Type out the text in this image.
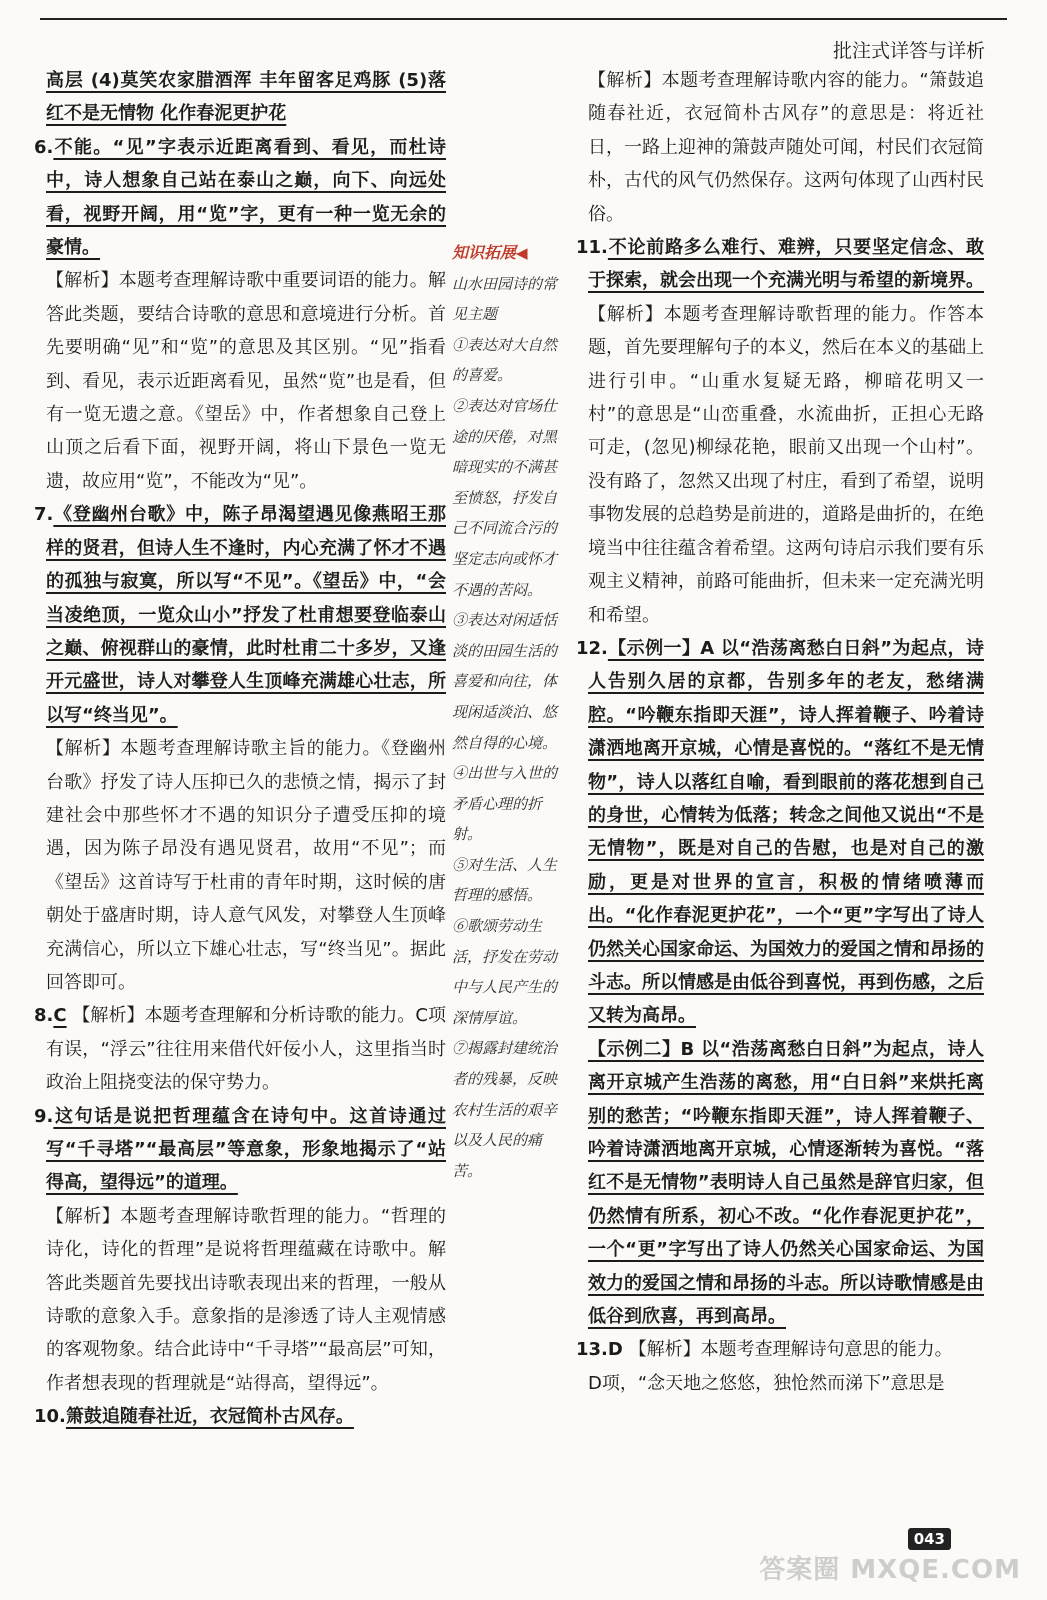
批注式详答与详析

高层 (4)莫笑农家腊酒浑 丰年留客足鸡豚 (5)落红不是无情物 化作春泥更护花

6.不能。“见”字表示近距离看到、看见，而杜诗中，诗人想象自己站在泰山之巅，向下、向远处看，视野开阔，用“览”字，更有一种一览无余的豪情。

【解析】本题考查理解诗歌中重要词语的能力。解答此类题，要结合诗歌的意思和意境进行分析。首先要明确“见”和“览”的意思及其区别。“见”指看到、看见，表示近距离看见，虽然“览”也是看，但有一览无遗之意。《望岳》中，作者想象自己登上山顶之后看下面，视野开阔，将山下景色一览无遗，故应用“览”，不能改为“见”。

7.《登幽州台歌》中，陈子昂渴望遇见像燕昭王那样的贤君，但诗人生不逢时，内心充满了怀才不遇的孤独与寂寞，所以写“不见”。《望岳》中，“会当凌绝顶，一览众山小”抒发了杜甫想要登临泰山之巅、俯视群山的豪情，此时杜甫二十多岁，又逢开元盛世，诗人对攀登人生顶峰充满雄心壮志，所以写“终当见”。

【解析】本题考查理解诗歌主旨的能力。《登幽州台歌》抒发了诗人压抑已久的悲愤之情，揭示了封建社会中那些怀才不遇的知识分子遭受压抑的境遇，因为陈子昂没有遇见贤君，故用“不见”；而《望岳》这首诗写于杜甫的青年时期，这时候的唐朝处于盛唐时期，诗人意气风发，对攀登人生顶峰充满信心，所以立下雄心壮志，写“终当见”。据此回答即可。

8.C 【解析】本题考查理解和分析诗歌的能力。C项有误，“浮云”往往用来借代奸佞小人，这里指当时政治上阻挠变法的保守势力。

9.这句话是说把哲理蕴含在诗句中。这首诗通过写“千寻塔”“最高层”等意象，形象地揭示了“站得高，望得远”的道理。

【解析】本题考查理解诗歌哲理的能力。“哲理的诗化，诗化的哲理”是说将哲理蕴藏在诗歌中。解答此类题首先要找出诗歌表现出来的哲理，一般从诗歌的意象入手。意象指的是渗透了诗人主观情感的客观物象。结合此诗中“千寻塔”“最高层”可知，作者想表现的哲理就是“站得高，望得远”。

10.箫鼓追随春社近，衣冠简朴古风存。

知识拓展◀
山水田园诗的常见主题
①表达对大自然的喜爱。
②表达对官场仕途的厌倦，对黑暗现实的不满甚至愤怒，抒发自己不同流合污的坚定志向或怀才不遇的苦闷。
③表达对闲适恬淡的田园生活的喜爱和向往，体现闲适淡泊、悠然自得的心境。
④出世与入世的矛盾心理的折射。
⑤对生活、人生哲理的感悟。
⑥歌颂劳动生活，抒发在劳动中与人民产生的深情厚谊。
⑦揭露封建统治者的残暴，反映农村生活的艰辛以及人民的痛苦。

【解析】本题考查理解诗歌内容的能力。“箫鼓追随春社近，衣冠简朴古风存”的意思是：将近社日，一路上迎神的箫鼓声随处可闻，村民们衣冠简朴，古代的风气仍然保存。这两句体现了山西村民俗。

11.不论前路多么难行、难辨，只要坚定信念、敢于探索，就会出现一个充满光明与希望的新境界。

【解析】本题考查理解诗歌哲理的能力。作答本题，首先要理解句子的本义，然后在本义的基础上进行引申。“山重水复疑无路，柳暗花明又一村”的意思是“山峦重叠，水流曲折，正担心无路可走，(忽见)柳绿花艳，眼前又出现一个山村”。没有路了，忽然又出现了村庄，看到了希望，说明事物发展的总趋势是前进的，道路是曲折的，在绝境当中往往蕴含着希望。这两句诗启示我们要有乐观主义精神，前路可能曲折，但未来一定充满光明和希望。

12.【示例一】A 以“浩荡离愁白日斜”为起点，诗人告别久居的京都，告别多年的老友，愁绪满腔。“吟鞭东指即天涯”，诗人挥着鞭子、吟着诗潇洒地离开京城，心情是喜悦的。“落红不是无情物”，诗人以落红自喻，看到眼前的落花想到自己的身世，心情转为低落；转念之间他又说出“不是无情物”，既是对自己的告慰，也是对自己的激励，更是对世界的宣言，积极的情绪喷薄而出。“化作春泥更护花”，一个“更”字写出了诗人仍然关心国家命运、为国效力的爱国之情和昂扬的斗志。所以情感是由低谷到喜悦，再到伤感，之后又转为高昂。

【示例二】B 以“浩荡离愁白日斜”为起点，诗人离开京城产生浩荡的离愁，用“白日斜”来烘托离别的愁苦；“吟鞭东指即天涯”，诗人挥着鞭子、吟着诗潇洒地离开京城，心情逐渐转为喜悦。“落红不是无情物”表明诗人自己虽然是辞官归家，但仍然情有所系，初心不改。“化作春泥更护花”，一个“更”字写出了诗人仍然关心国家命运、为国效力的爱国之情和昂扬的斗志。所以诗歌情感是由低谷到欣喜，再到高昂。

13.D 【解析】本题考查理解诗句意思的能力。

D项，“念天地之悠悠，独怆然而涕下”意思是

043
答案圈 MXQE.COM
